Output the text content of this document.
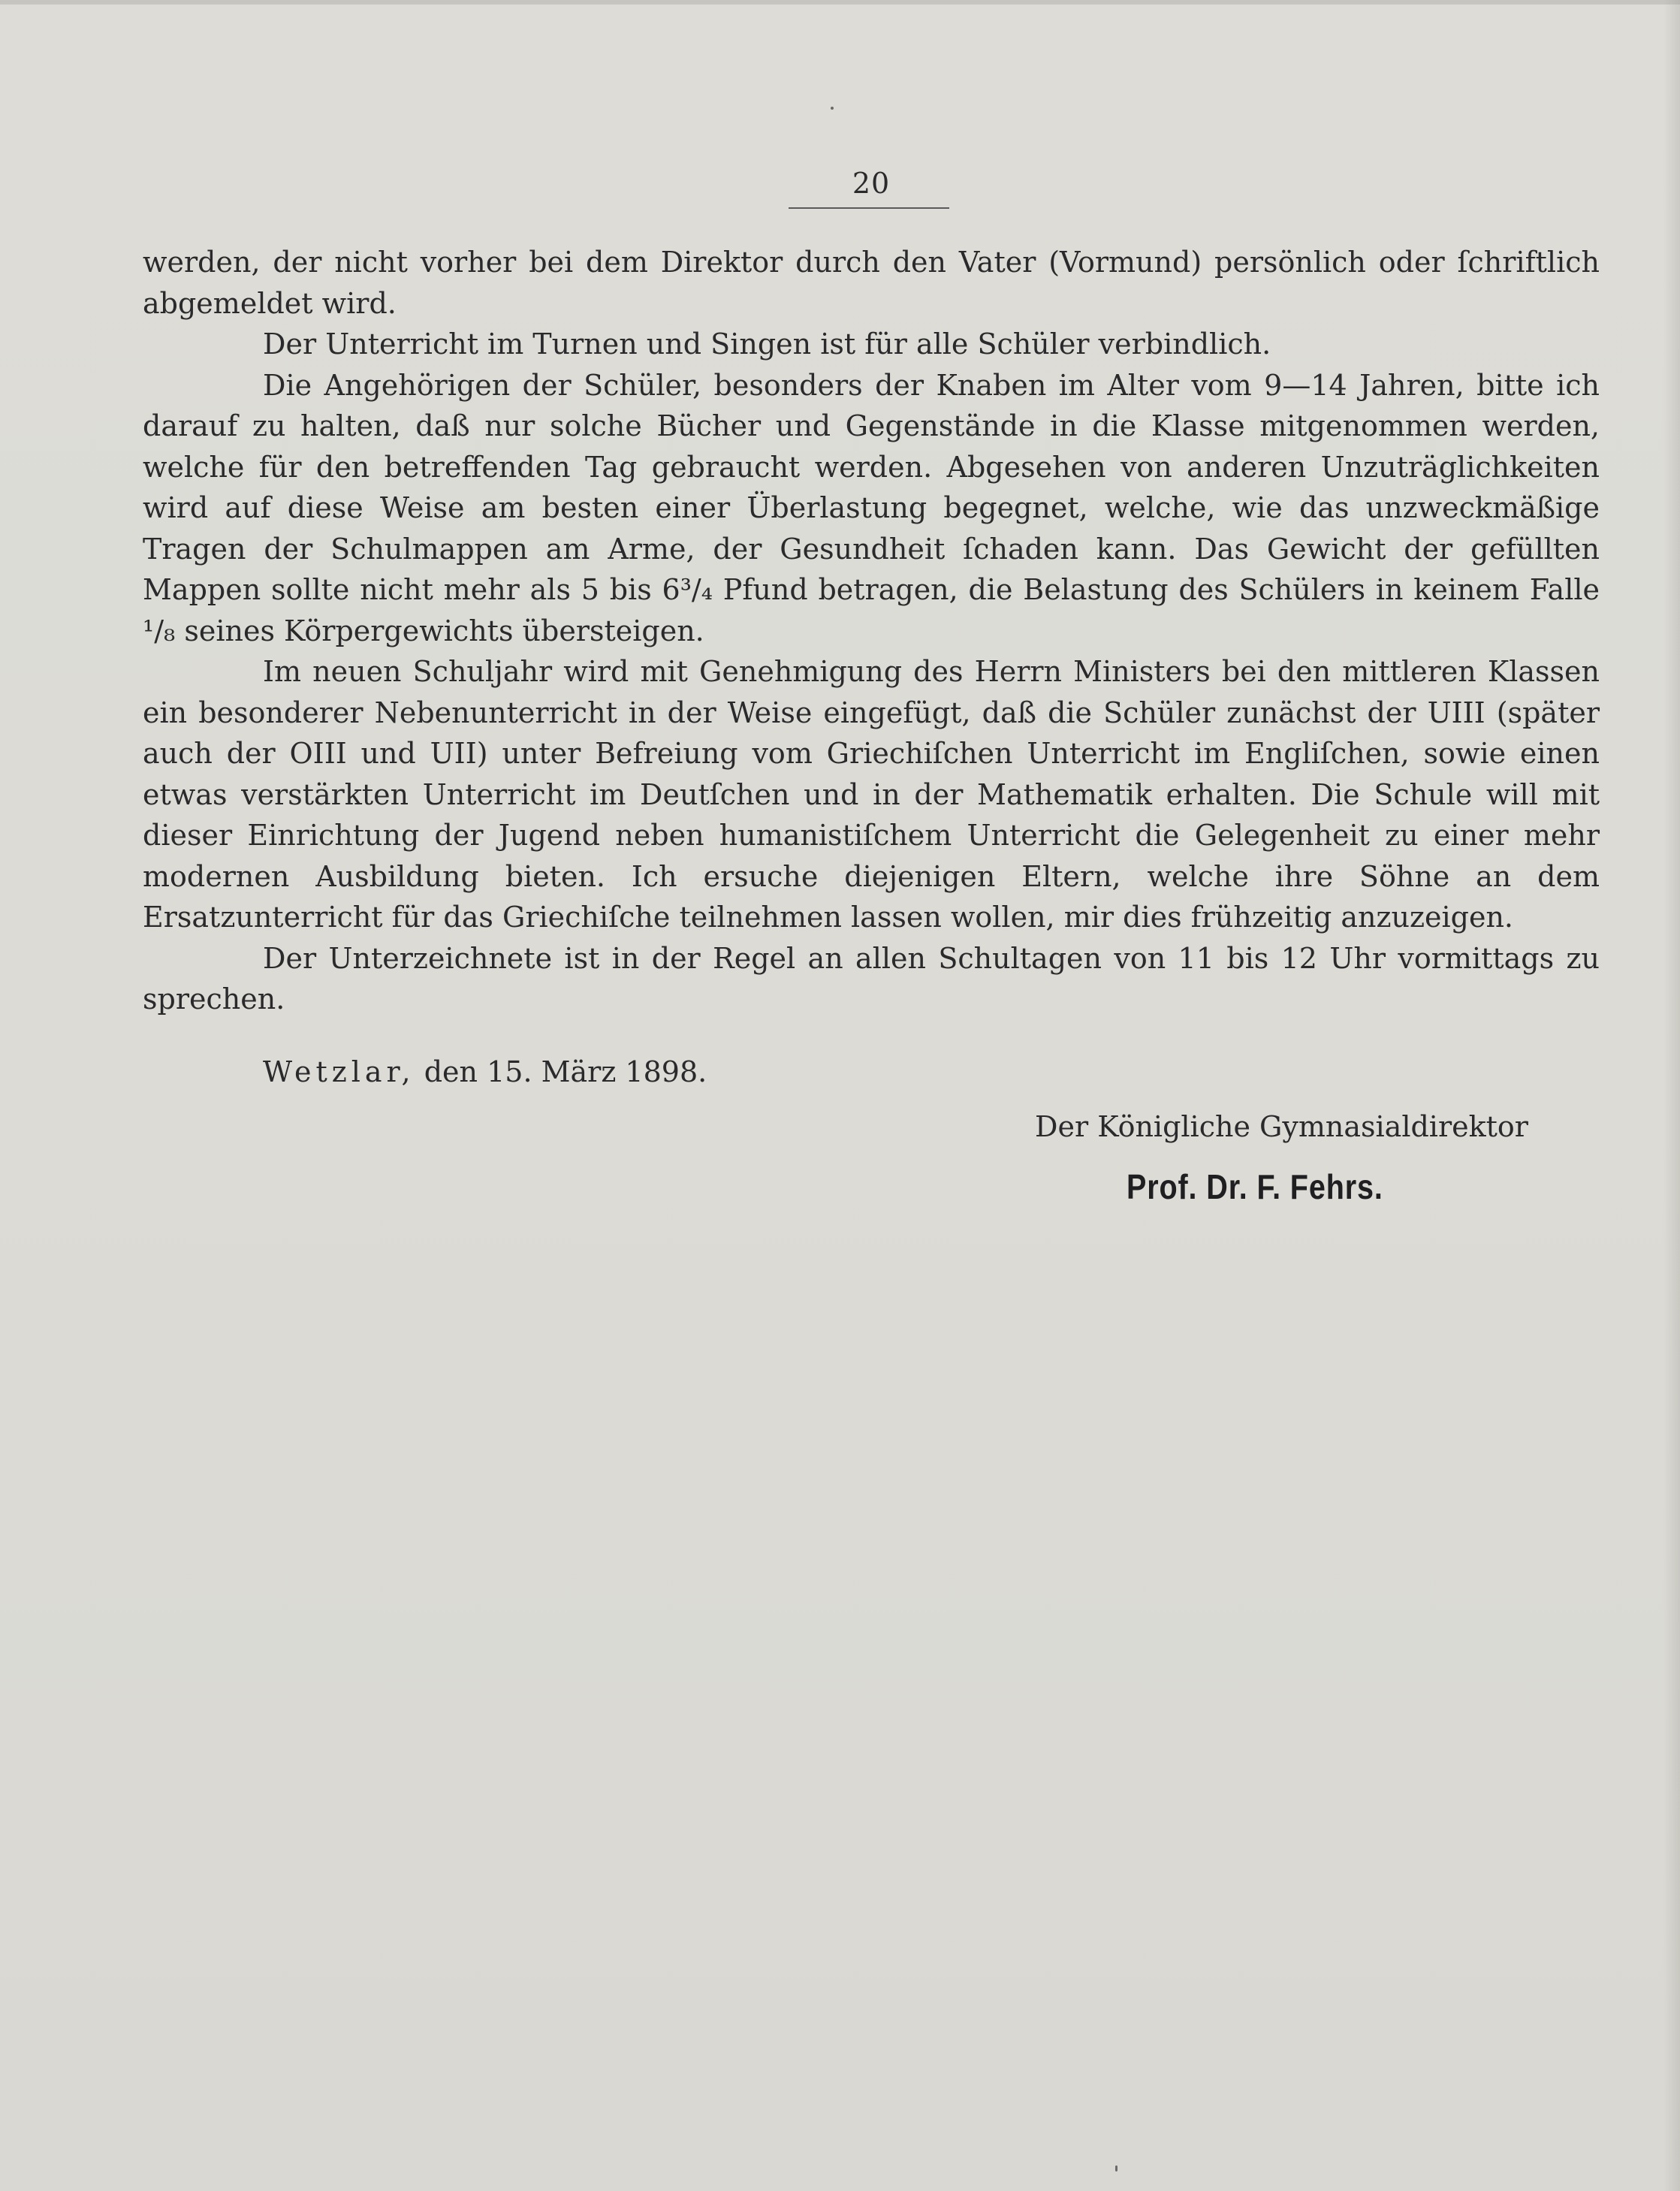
20

werden, der nicht vorher bei dem Direktor durch den Vater (Vormund) persönlich oder ſchriftlich abgemeldet wird.

Der Unterricht im Turnen und Singen ist für alle Schüler verbindlich.

Die Angehörigen der Schüler, besonders der Knaben im Alter vom 9—14 Jahren, bitte ich darauf zu halten, daß nur solche Bücher und Gegenstände in die Klasse mitgenommen werden, welche für den betreffenden Tag gebraucht werden. Abgesehen von anderen Unzuträglichkeiten wird auf diese Weise am besten einer Überlastung begegnet, welche, wie das unzweckmäßige Tragen der Schulmappen am Arme, der Gesundheit ſchaden kann. Das Gewicht der gefüllten Mappen sollte nicht mehr als 5 bis 6³/₄ Pfund betragen, die Belastung des Schülers in keinem Falle ¹/₈ seines Körpergewichts übersteigen.

Im neuen Schuljahr wird mit Genehmigung des Herrn Ministers bei den mittleren Klassen ein besonderer Nebenunterricht in der Weise eingefügt, daß die Schüler zunächst der UIII (später auch der OIII und UII) unter Befreiung vom Griechiſchen Unterricht im Engliſchen, sowie einen etwas verstärkten Unterricht im Deutſchen und in der Mathematik erhalten. Die Schule will mit dieser Einrichtung der Jugend neben humanistiſchem Unterricht die Gelegenheit zu einer mehr modernen Ausbildung bieten. Ich ersuche diejenigen Eltern, welche ihre Söhne an dem Ersatzunterricht für das Griechiſche teilnehmen lassen wollen, mir dies frühzeitig anzuzeigen.

Der Unterzeichnete ist in der Regel an allen Schultagen von 11 bis 12 Uhr vormittags zu sprechen.

Wetzlar, den 15. März 1898.
Der Königliche Gymnasialdirektor
Prof. Dr. F. Fehrs.
